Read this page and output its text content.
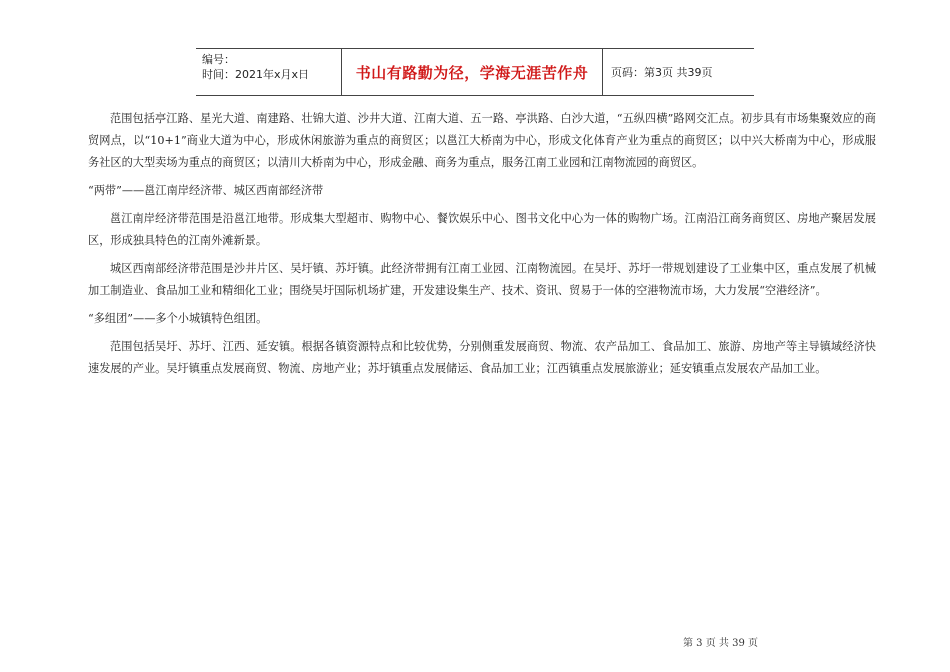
编号：
时间：2021年x月x日	书山有路勤为径，学海无涯苦作舟	页码：第3页 共39页

范围包括亭江路、星光大道、南建路、壮锦大道、沙井大道、江南大道、五一路、亭洪路、白沙大道，“五纵四横”路网交汇点。初步具有市场集聚效应的商贸网点，以“10+1”商业大道为中心，形成休闲旅游为重点的商贸区；以邕江大桥南为中心，形成文化体育产业为重点的商贸区；以中兴大桥南为中心，形成服务社区的大型卖场为重点的商贸区；以清川大桥南为中心，形成金融、商务为重点，服务江南工业园和江南物流园的商贸区。

“两带”——邕江南岸经济带、城区西南部经济带

邕江南岸经济带范围是沿邕江地带。形成集大型超市、购物中心、餐饮娱乐中心、图书文化中心为一体的购物广场。江南沿江商务商贸区、房地产聚居发展区，形成独具特色的江南外滩新景。

城区西南部经济带范围是沙井片区、吴圩镇、苏圩镇。此经济带拥有江南工业园、江南物流园。在吴圩、苏圩一带规划建设了工业集中区，重点发展了机械加工制造业、食品加工业和精细化工业；围绕吴圩国际机场扩建，开发建设集生产、技术、资讯、贸易于一体的空港物流市场，大力发展“空港经济”。

“多组团”——多个小城镇特色组团。

范围包括吴圩、苏圩、江西、延安镇。根据各镇资源特点和比较优势，分别侧重发展商贸、物流、农产品加工、食品加工、旅游、房地产等主导镇域经济快速发展的产业。吴圩镇重点发展商贸、物流、房地产业；苏圩镇重点发展储运、食品加工业；江西镇重点发展旅游业；延安镇重点发展农产品加工业。

第 3 页 共 39 页
